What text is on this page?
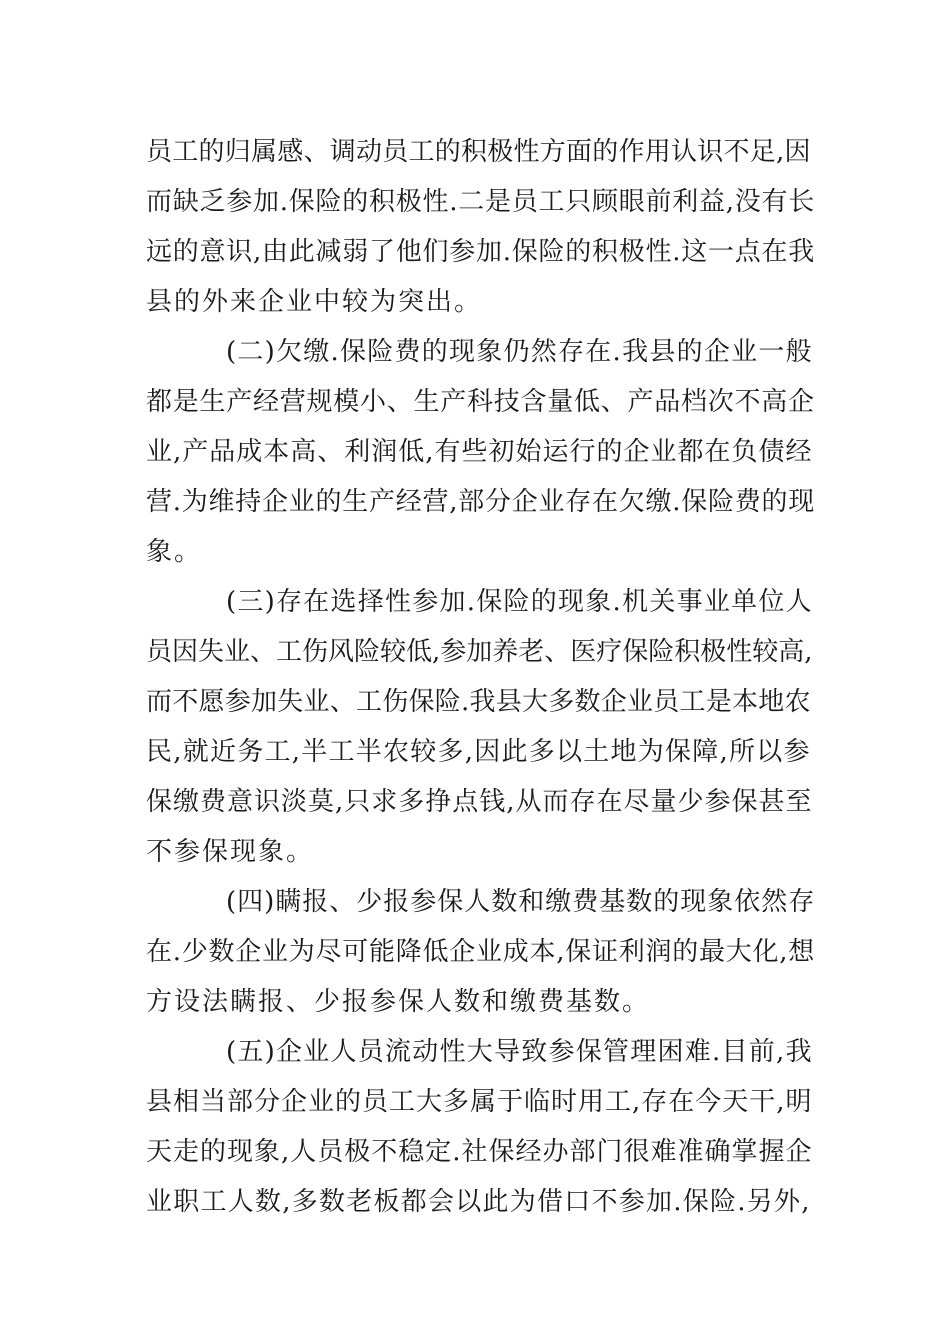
员工的归属感、调动员工的积极性方面的作用认识不足,因
而缺乏参加.保险的积极性.二是员工只顾眼前利益,没有长
远的意识,由此减弱了他们参加.保险的积极性.这一点在我
县的外来企业中较为突出。

(二)欠缴.保险费的现象仍然存在.我县的企业一般
都是生产经营规模小、生产科技含量低、产品档次不高企
业,产品成本高、利润低,有些初始运行的企业都在负债经
营.为维持企业的生产经营,部分企业存在欠缴.保险费的现
象。

(三)存在选择性参加.保险的现象.机关事业单位人
员因失业、工伤风险较低,参加养老、医疗保险积极性较高,
而不愿参加失业、工伤保险.我县大多数企业员工是本地农
民,就近务工,半工半农较多,因此多以土地为保障,所以参
保缴费意识淡莫,只求多挣点钱,从而存在尽量少参保甚至
不参保现象。

(四)瞒报、少报参保人数和缴费基数的现象依然存
在.少数企业为尽可能降低企业成本,保证利润的最大化,想
方设法瞒报、少报参保人数和缴费基数。

(五)企业人员流动性大导致参保管理困难.目前,我
县相当部分企业的员工大多属于临时用工,存在今天干,明
天走的现象,人员极不稳定.社保经办部门很难准确掌握企
业职工人数,多数老板都会以此为借口不参加.保险.另外,
